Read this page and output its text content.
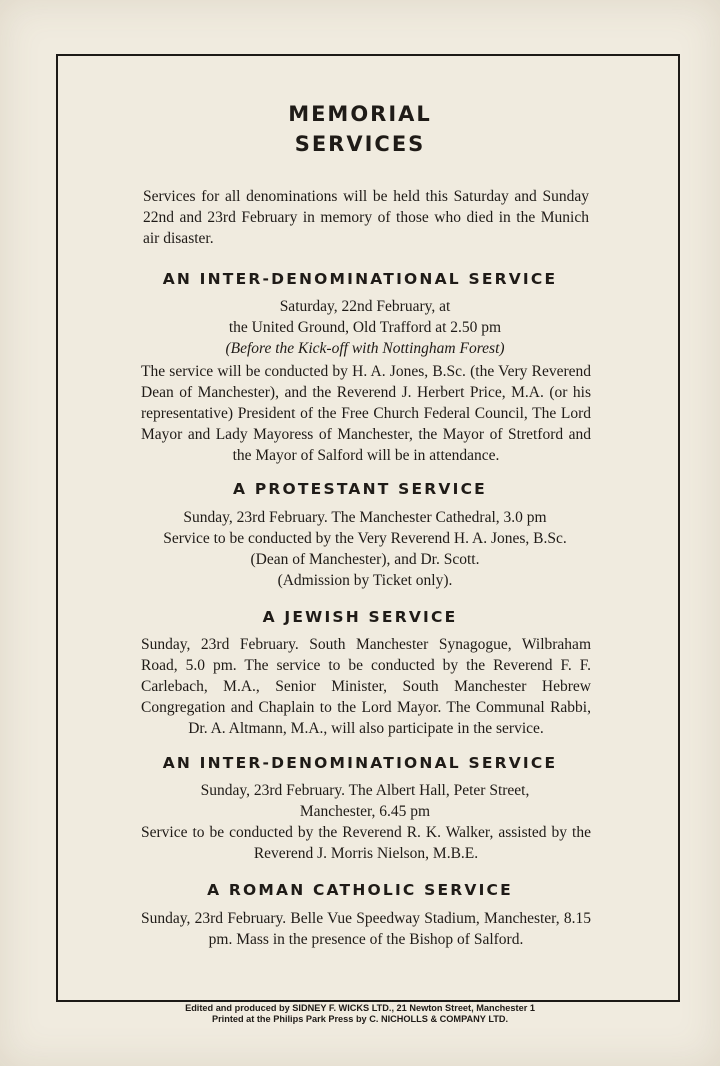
MEMORIAL
SERVICES

Services for all denominations will be held this Saturday and Sunday 22nd and 23rd February in memory of those who died in the Munich air disaster.

AN INTER-DENOMINATIONAL SERVICE

Saturday, 22nd February, at

the United Ground, Old Trafford at 2.50 pm

(Before the Kick-off with Nottingham Forest)

The service will be conducted by H. A. Jones, B.Sc. (the Very Reverend Dean of Manchester), and the Reverend J. Herbert Price, M.A. (or his representative) President of the Free Church Federal Council, The Lord Mayor and Lady Mayoress of Manchester, the Mayor of Stretford and the Mayor of Salford will be in attendance.

A PROTESTANT SERVICE

Sunday, 23rd February. The Manchester Cathedral, 3.0 pm

Service to be conducted by the Very Reverend H. A. Jones, B.Sc.

(Dean of Manchester), and Dr. Scott.

(Admission by Ticket only).

A JEWISH SERVICE

Sunday, 23rd February. South Manchester Synagogue, Wilbraham Road, 5.0 pm. The service to be conducted by the Reverend F. F. Carlebach, M.A., Senior Minister, South Manchester Hebrew Congregation and Chaplain to the Lord Mayor. The Communal Rabbi, Dr. A. Altmann, M.A., will also participate in the service.

AN INTER-DENOMINATIONAL SERVICE

Sunday, 23rd February. The Albert Hall, Peter Street,

Manchester, 6.45 pm

Service to be conducted by the Reverend R. K. Walker, assisted by the Reverend J. Morris Nielson, M.B.E.

A ROMAN CATHOLIC SERVICE

Sunday, 23rd February. Belle Vue Speedway Stadium, Manchester, 8.15 pm. Mass in the presence of the Bishop of Salford.

Edited and produced by SIDNEY F. WICKS LTD., 21 Newton Street, Manchester 1
Printed at the Philips Park Press by C. NICHOLLS & COMPANY LTD.
